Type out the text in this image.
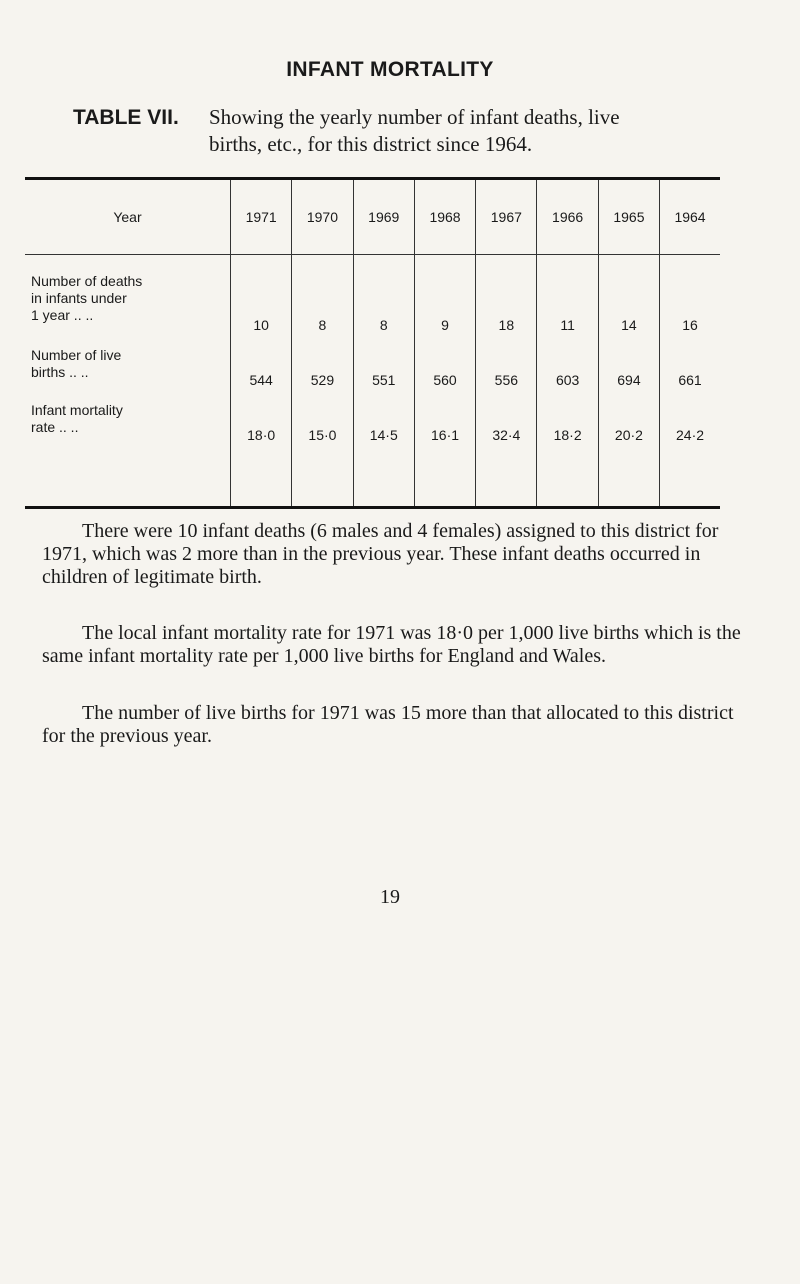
INFANT MORTALITY
TABLE VII. Showing the yearly number of infant deaths, live
births, etc., for this district since 1964.
Year	1971	1970	1969	1968	1967	1966	1965	1964

Number of deaths
in infants under
1 year .. ..	10	8	8	9	18	11	14	16

Number of live
births .. ..	544	529	551	560	556	603	694	661

Infant mortality
rate .. ..	18·0	15·0	14·5	16·1	32·4	18·2	20·2	24·2

There were 10 infant deaths (6 males and 4 females) assigned to this district for 1971, which was 2 more than in the previous year. These infant deaths occurred in children of legitimate birth.

The local infant mortality rate for 1971 was 18·0 per 1,000 live births which is the same infant mortality rate per 1,000 live births for England and Wales.

The number of live births for 1971 was 15 more than that allocated to this district for the previous year.

19
